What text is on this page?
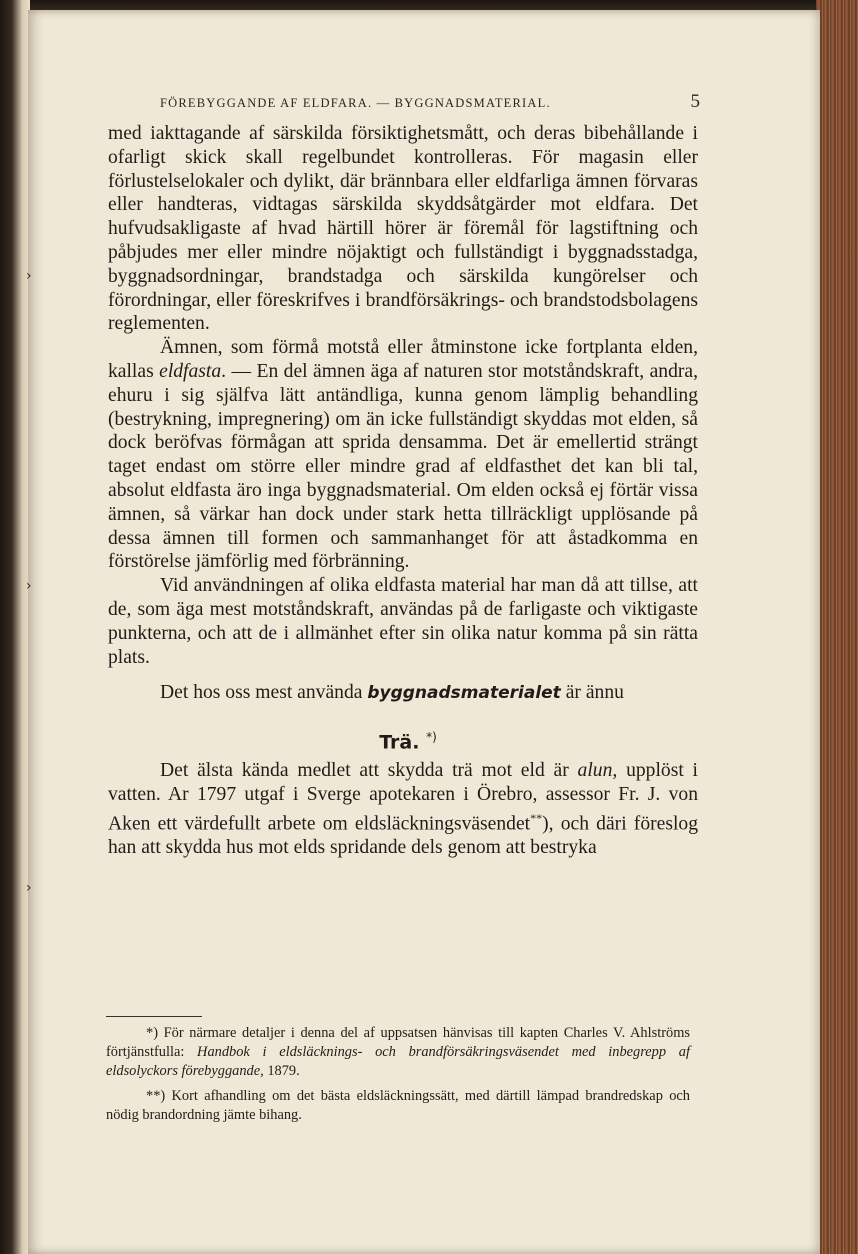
FÖREBYGGANDE AF ELDFARA. — BYGGNADSMATERIAL.	5

med iakttagande af särskilda försiktighetsmått, och deras bibehållande i ofarligt skick skall regelbundet kontrolleras. För magasin eller förlustelselokaler och dylikt, där brännbara eller eldfarliga ämnen förvaras eller handteras, vidtagas särskilda skyddsåtgärder mot eldfara. Det hufvudsakligaste af hvad härtill hörer är föremål för lagstiftning och påbjudes mer eller mindre nöjaktigt och fullständigt i byggnadsstadga, byggnadsordningar, brandstadga och särskilda kungörelser och förordningar, eller föreskrifves i brandförsäkrings- och brandstodsbolagens reglementen.

Ämnen, som förmå motstå eller åtminstone icke fortplanta elden, kallas eldfasta. — En del ämnen äga af naturen stor motståndskraft, andra, ehuru i sig själfva lätt antändliga, kunna genom lämplig behandling (bestrykning, impregnering) om än icke fullständigt skyddas mot elden, så dock beröfvas förmågan att sprida densamma. Det är emellertid strängt taget endast om större eller mindre grad af eldfasthet det kan bli tal, absolut eldfasta äro inga byggnadsmaterial. Om elden också ej förtär vissa ämnen, så värkar han dock under stark hetta tillräckligt upplösande på dessa ämnen till formen och sammanhanget för att åstadkomma en förstörelse jämförlig med förbränning.

Vid användningen af olika eldfasta material har man då att tillse, att de, som äga mest motståndskraft, användas på de farligaste och viktigaste punkterna, och att de i allmänhet efter sin olika natur komma på sin rätta plats.

Det hos oss mest använda byggnadsmaterialet är ännu

Trä. *)

Det älsta kända medlet att skydda trä mot eld är alun, upplöst i vatten. Ar 1797 utgaf i Sverge apotekaren i Örebro, assessor Fr. J. von Aken ett värdefullt arbete om eldsläckningsväsendet**), och däri föreslog han att skydda hus mot elds spridande dels genom att bestryka

*) För närmare detaljer i denna del af uppsatsen hänvisas till kapten Charles V. Ahlströms förtjänstfulla: Handbok i eldsläcknings- och brandförsäkringsväsendet med inbegrepp af eldsolyckors förebyggande, 1879.

**) Kort afhandling om det bästa eldsläckningssätt, med därtill lämpad brandredskap och nödig brandordning jämte bihang.

›
›
›
